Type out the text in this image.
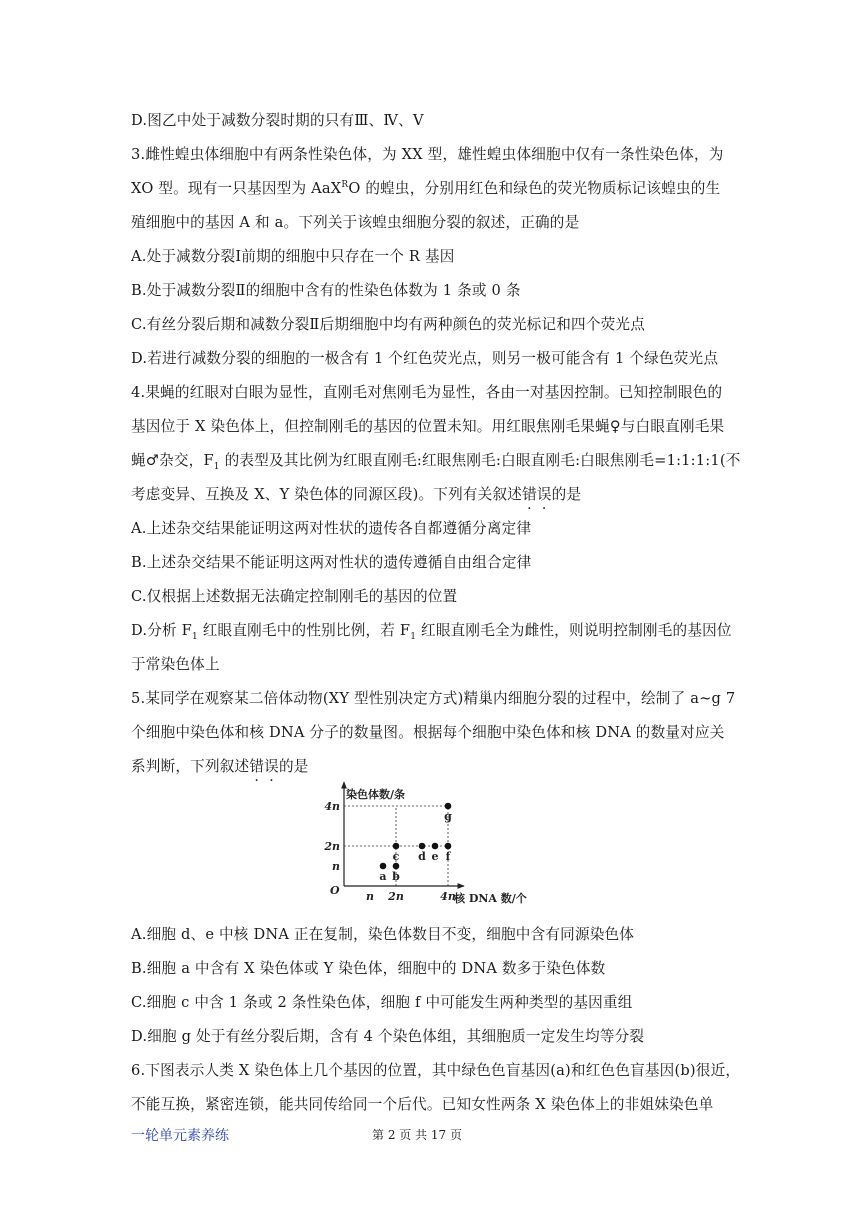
D.图乙中处于减数分裂时期的只有Ⅲ、Ⅳ、Ⅴ
3.雌性蝗虫体细胞中有两条性染色体，为 XX 型，雄性蝗虫体细胞中仅有一条性染色体，为
XO 型。现有一只基因型为 AaX$^R$O 的蝗虫，分别用红色和绿色的荧光物质标记该蝗虫的生
殖细胞中的基因 A 和 a。下列关于该蝗虫细胞分裂的叙述，正确的是
A.处于减数分裂Ⅰ前期的细胞中只存在一个 R 基因
B.处于减数分裂Ⅱ的细胞中含有的性染色体数为 1 条或 0 条
C.有丝分裂后期和减数分裂Ⅱ后期细胞中均有两种颜色的荧光标记和四个荧光点
D.若进行减数分裂的细胞的一极含有 1 个红色荧光点，则另一极可能含有 1 个绿色荧光点
4.果蝇的红眼对白眼为显性，直刚毛对焦刚毛为显性，各由一对基因控制。已知控制眼色的
基因位于 X 染色体上，但控制刚毛的基因的位置未知。用红眼焦刚毛果蝇♀与白眼直刚毛果
蝇♂杂交，$F_1$ 的表型及其比例为红眼直刚毛:红眼焦刚毛:白眼直刚毛:白眼焦刚毛=1:1:1:1(不
考虑变异、互换及 X、Y 染色体的同源区段)。下列有关叙述错误的是
A.上述杂交结果能证明这两对性状的遗传各自都遵循分离定律
B.上述杂交结果不能证明这两对性状的遗传遵循自由组合定律
C.仅根据上述数据无法确定控制刚毛的基因的位置
D.分析 $F_1$ 红眼直刚毛中的性别比例，若 $F_1$ 红眼直刚毛全为雌性，则说明控制刚毛的基因位
于常染色体上
5.某同学在观察某二倍体动物(XY 型性别决定方式)精巢内细胞分裂的过程中，绘制了 a~g 7
个细胞中染色体和核 DNA 分子的数量图。根据每个细胞中染色体和核 DNA 的数量对应关
系判断，下列叙述错误的是
染色体数/条
核 DNA 数/个
O
n
2n
4n
n 2n	4n
a b
c d e f
g
A.细胞 d、e 中核 DNA 正在复制，染色体数目不变，细胞中含有同源染色体
B.细胞 a 中含有 X 染色体或 Y 染色体，细胞中的 DNA 数多于染色体数
C.细胞 c 中含 1 条或 2 条性染色体，细胞 f 中可能发生两种类型的基因重组
D.细胞 g 处于有丝分裂后期，含有 4 个染色体组，其细胞质一定发生均等分裂
6.下图表示人类 X 染色体上几个基因的位置，其中绿色色盲基因(a)和红色色盲基因(b)很近，
不能互换，紧密连锁，能共同传给同一个后代。已知女性两条 X 染色体上的非姐妹染色单
一轮单元素养练	第 2 页 共 17 页
